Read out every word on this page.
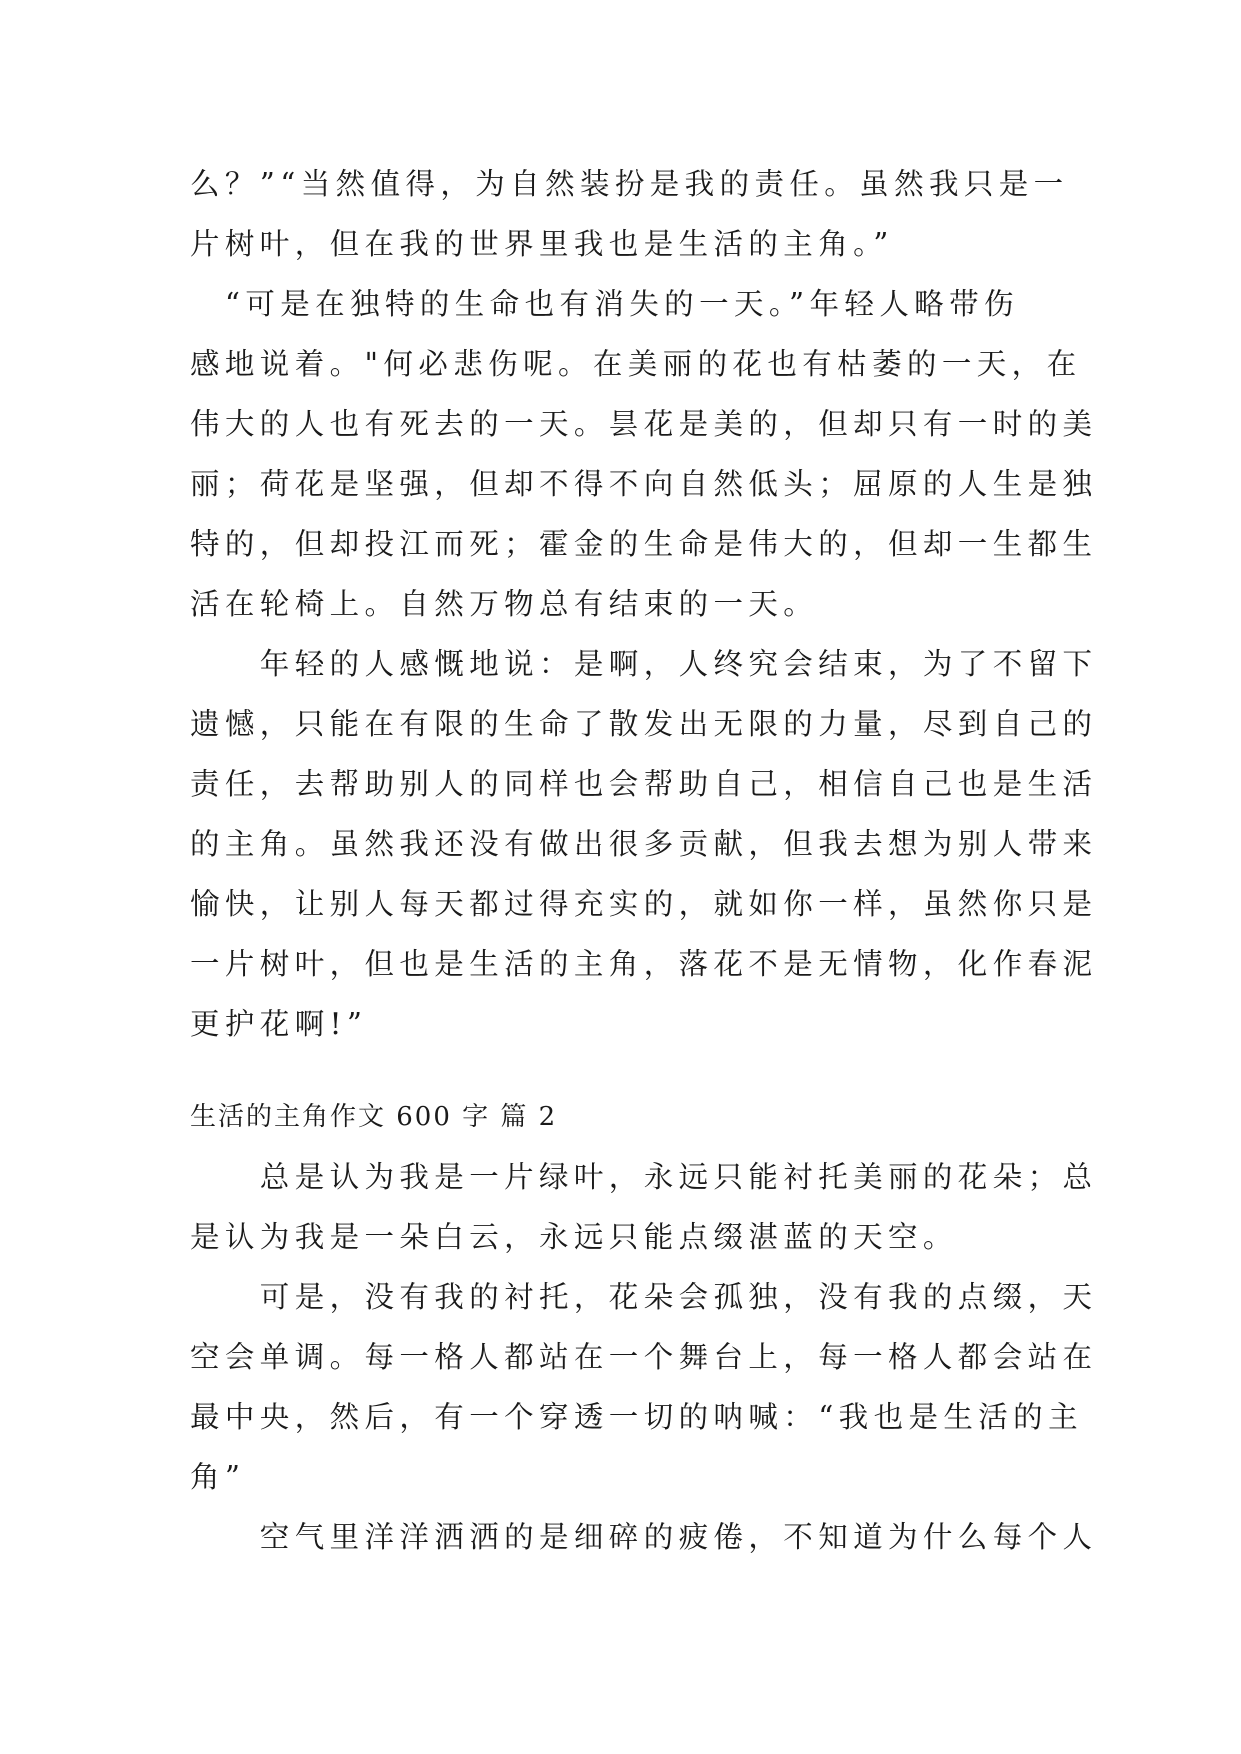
么？”“当然值得，为自然装扮是我的责任。虽然我只是一
片树叶，但在我的世界里我也是生活的主角。”
　“可是在独特的生命也有消失的一天。”年轻人略带伤
感地说着。"何必悲伤呢。在美丽的花也有枯萎的一天，在
伟大的人也有死去的一天。昙花是美的，但却只有一时的美
丽；荷花是坚强，但却不得不向自然低头；屈原的人生是独
特的，但却投江而死；霍金的生命是伟大的，但却一生都生
活在轮椅上。自然万物总有结束的一天。
　　年轻的人感慨地说：是啊，人终究会结束，为了不留下
遗憾，只能在有限的生命了散发出无限的力量，尽到自己的
责任，去帮助别人的同样也会帮助自己，相信自己也是生活
的主角。虽然我还没有做出很多贡献，但我去想为别人带来
愉快，让别人每天都过得充实的，就如你一样，虽然你只是
一片树叶，但也是生活的主角，落花不是无情物，化作春泥
更护花啊!”
生活的主角作文 600 字 篇 2
　　总是认为我是一片绿叶，永远只能衬托美丽的花朵；总
是认为我是一朵白云，永远只能点缀湛蓝的天空。
　　可是，没有我的衬托，花朵会孤独，没有我的点缀，天
空会单调。每一格人都站在一个舞台上，每一格人都会站在
最中央，然后，有一个穿透一切的呐喊：“我也是生活的主
角”
　　空气里洋洋洒洒的是细碎的疲倦，不知道为什么每个人
